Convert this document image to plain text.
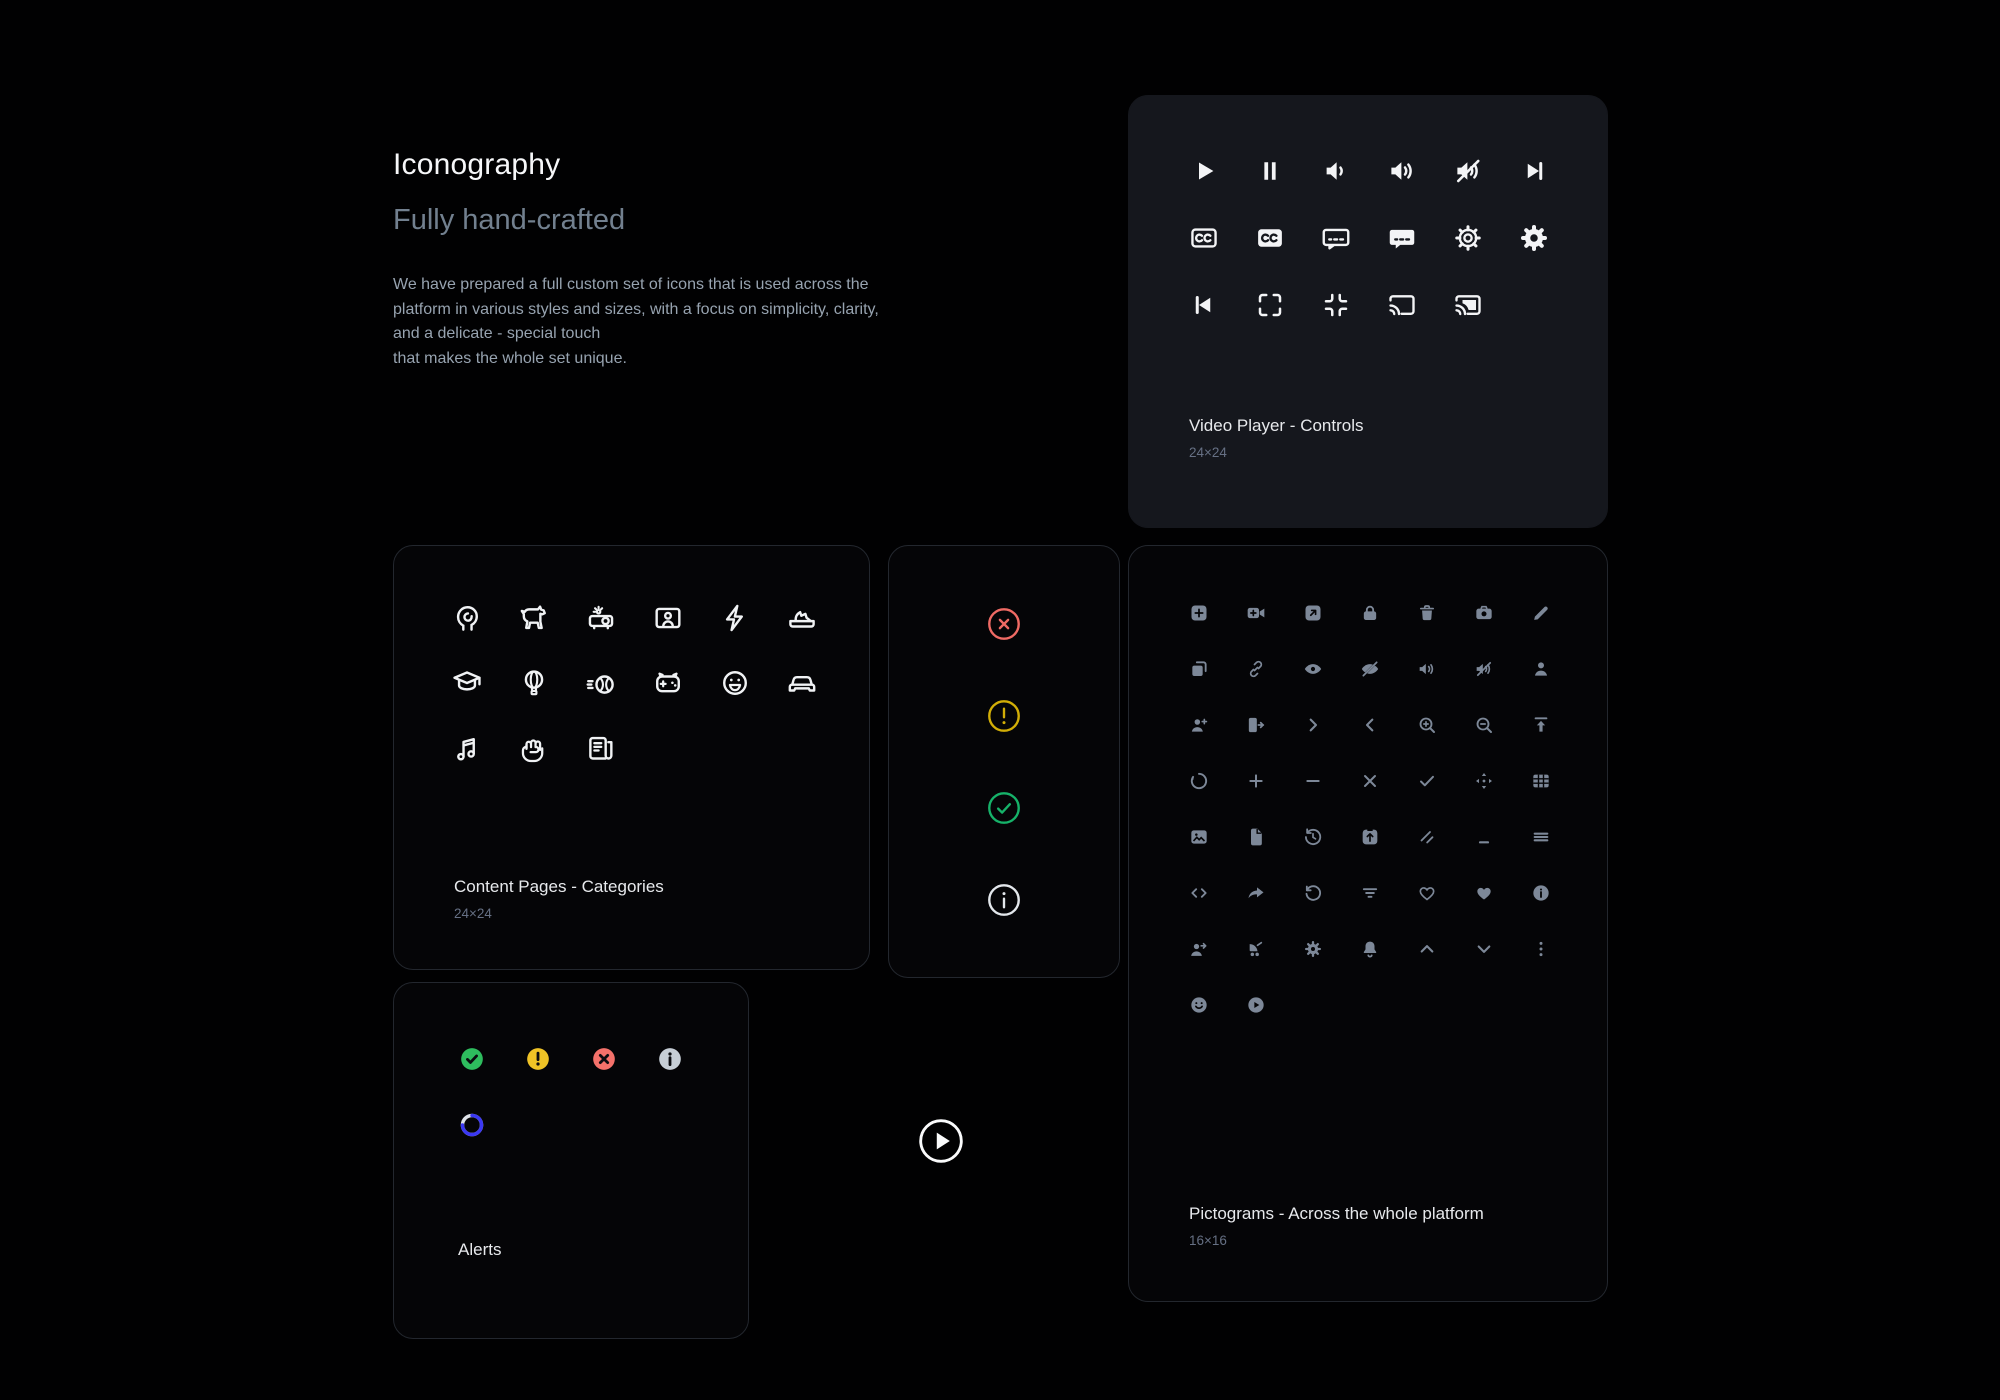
Iconography
Fully hand-crafted
We have prepared a full custom set of icons that is used across the
platform in various styles and sizes, with a focus on simplicity, clarity,
and a delicate - special touch
that makes the whole set unique.
Video Player - Controls
24×24
Content Pages - Categories
24×24
Pictograms - Across the whole platform
16×16
Alerts
